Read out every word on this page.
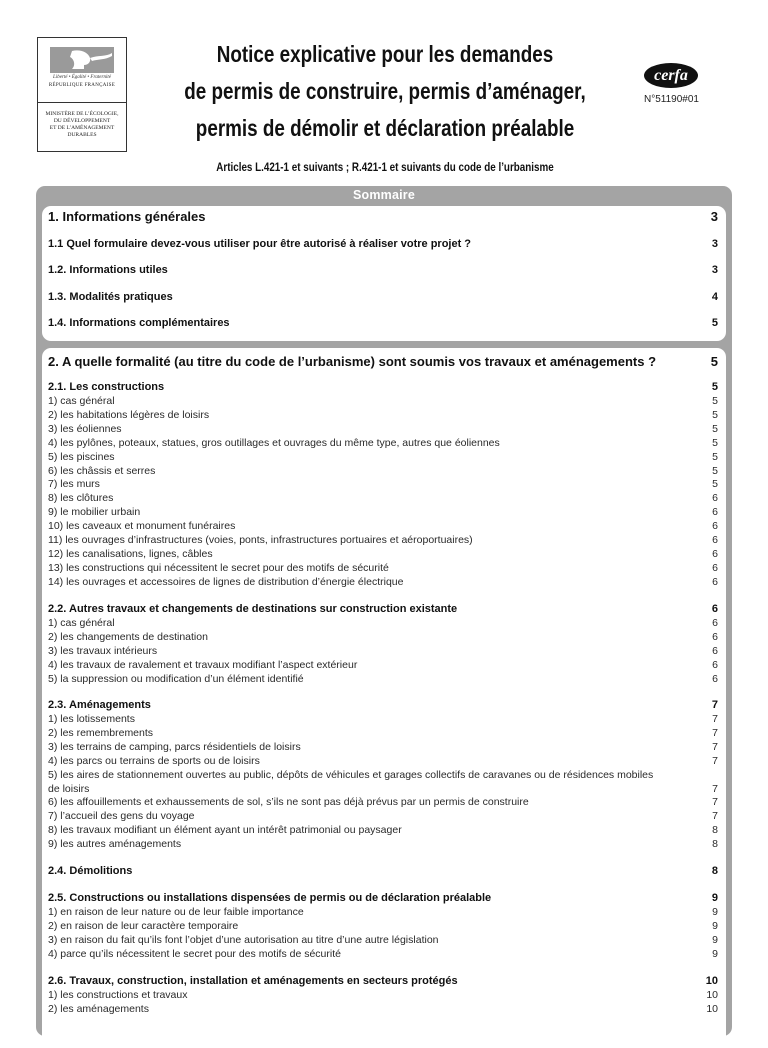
Liberté • Égalité • Fraternité
RÉPUBLIQUE FRANÇAISE
MINISTÈRE DE L’ÉCOLOGIE,
DU DÉVELOPPEMENT
ET DE L’AMÉNAGEMENT
DURABLES
Notice explicative pour les demandes
de permis de construire, permis d’aménager,
permis de démolir et déclaration préalable
cerfa
N°51190#01
Articles L.421-1 et suivants ; R.421-1 et suivants du code de l’urbanisme
Sommaire
1. Informations générales	3
1.1 Quel formulaire devez-vous utiliser pour être autorisé à réaliser votre projet ?	3
1.2. Informations utiles	3
1.3. Modalités pratiques	4
1.4. Informations complémentaires	5
2. A quelle formalité (au titre du code de l’urbanisme) sont soumis vos travaux et aménagements ?	5
2.1. Les constructions	5
1) cas général	5
2) les habitations légères de loisirs	5
3) les éoliennes	5
4) les pylônes, poteaux, statues, gros outillages et ouvrages du même type, autres que éoliennes	5
5) les piscines	5
6) les châssis et serres	5
7) les murs	5
8) les clôtures	6
9) le mobilier urbain	6
10) les caveaux et monument funéraires	6
11) les ouvrages d’infrastructures (voies, ponts, infrastructures portuaires et aéroportuaires)	6
12) les canalisations, lignes, câbles	6
13) les constructions qui nécessitent le secret pour des motifs de sécurité	6
14) les ouvrages et accessoires de lignes de distribution d’énergie électrique	6
2.2. Autres travaux et changements de destinations sur construction existante	6
1) cas général	6
2) les changements de destination	6
3) les travaux intérieurs	6
4) les travaux de ravalement et travaux modifiant l’aspect extérieur	6
5) la suppression ou modification d’un élément identifié	6
2.3. Aménagements	7
1) les lotissements	7
2) les remembrements	7
3) les terrains de camping, parcs résidentiels de loisirs	7
4) les parcs ou terrains de sports ou de loisirs	7
5) les aires de stationnement ouvertes au public, dépôts de véhicules et garages collectifs de caravanes ou de résidences mobiles
de loisirs	7
6) les affouillements et exhaussements de sol, s’ils ne sont pas déjà prévus par un permis de construire	7
7) l’accueil des gens du voyage	7
8) les travaux modifiant un élément ayant un intérêt patrimonial ou paysager	8
9) les autres aménagements	8
2.4. Démolitions	8
2.5. Constructions ou installations dispensées de permis ou de déclaration préalable	9
1) en raison de leur nature ou de leur faible importance	9
2) en raison de leur caractère temporaire	9
3) en raison du fait qu’ils font l’objet d’une autorisation au titre d’une autre législation	9
4) parce qu’ils nécessitent le secret pour des motifs de sécurité	9
2.6. Travaux, construction, installation et aménagements en secteurs protégés	10
1) les constructions et travaux	10
2) les aménagements	10
